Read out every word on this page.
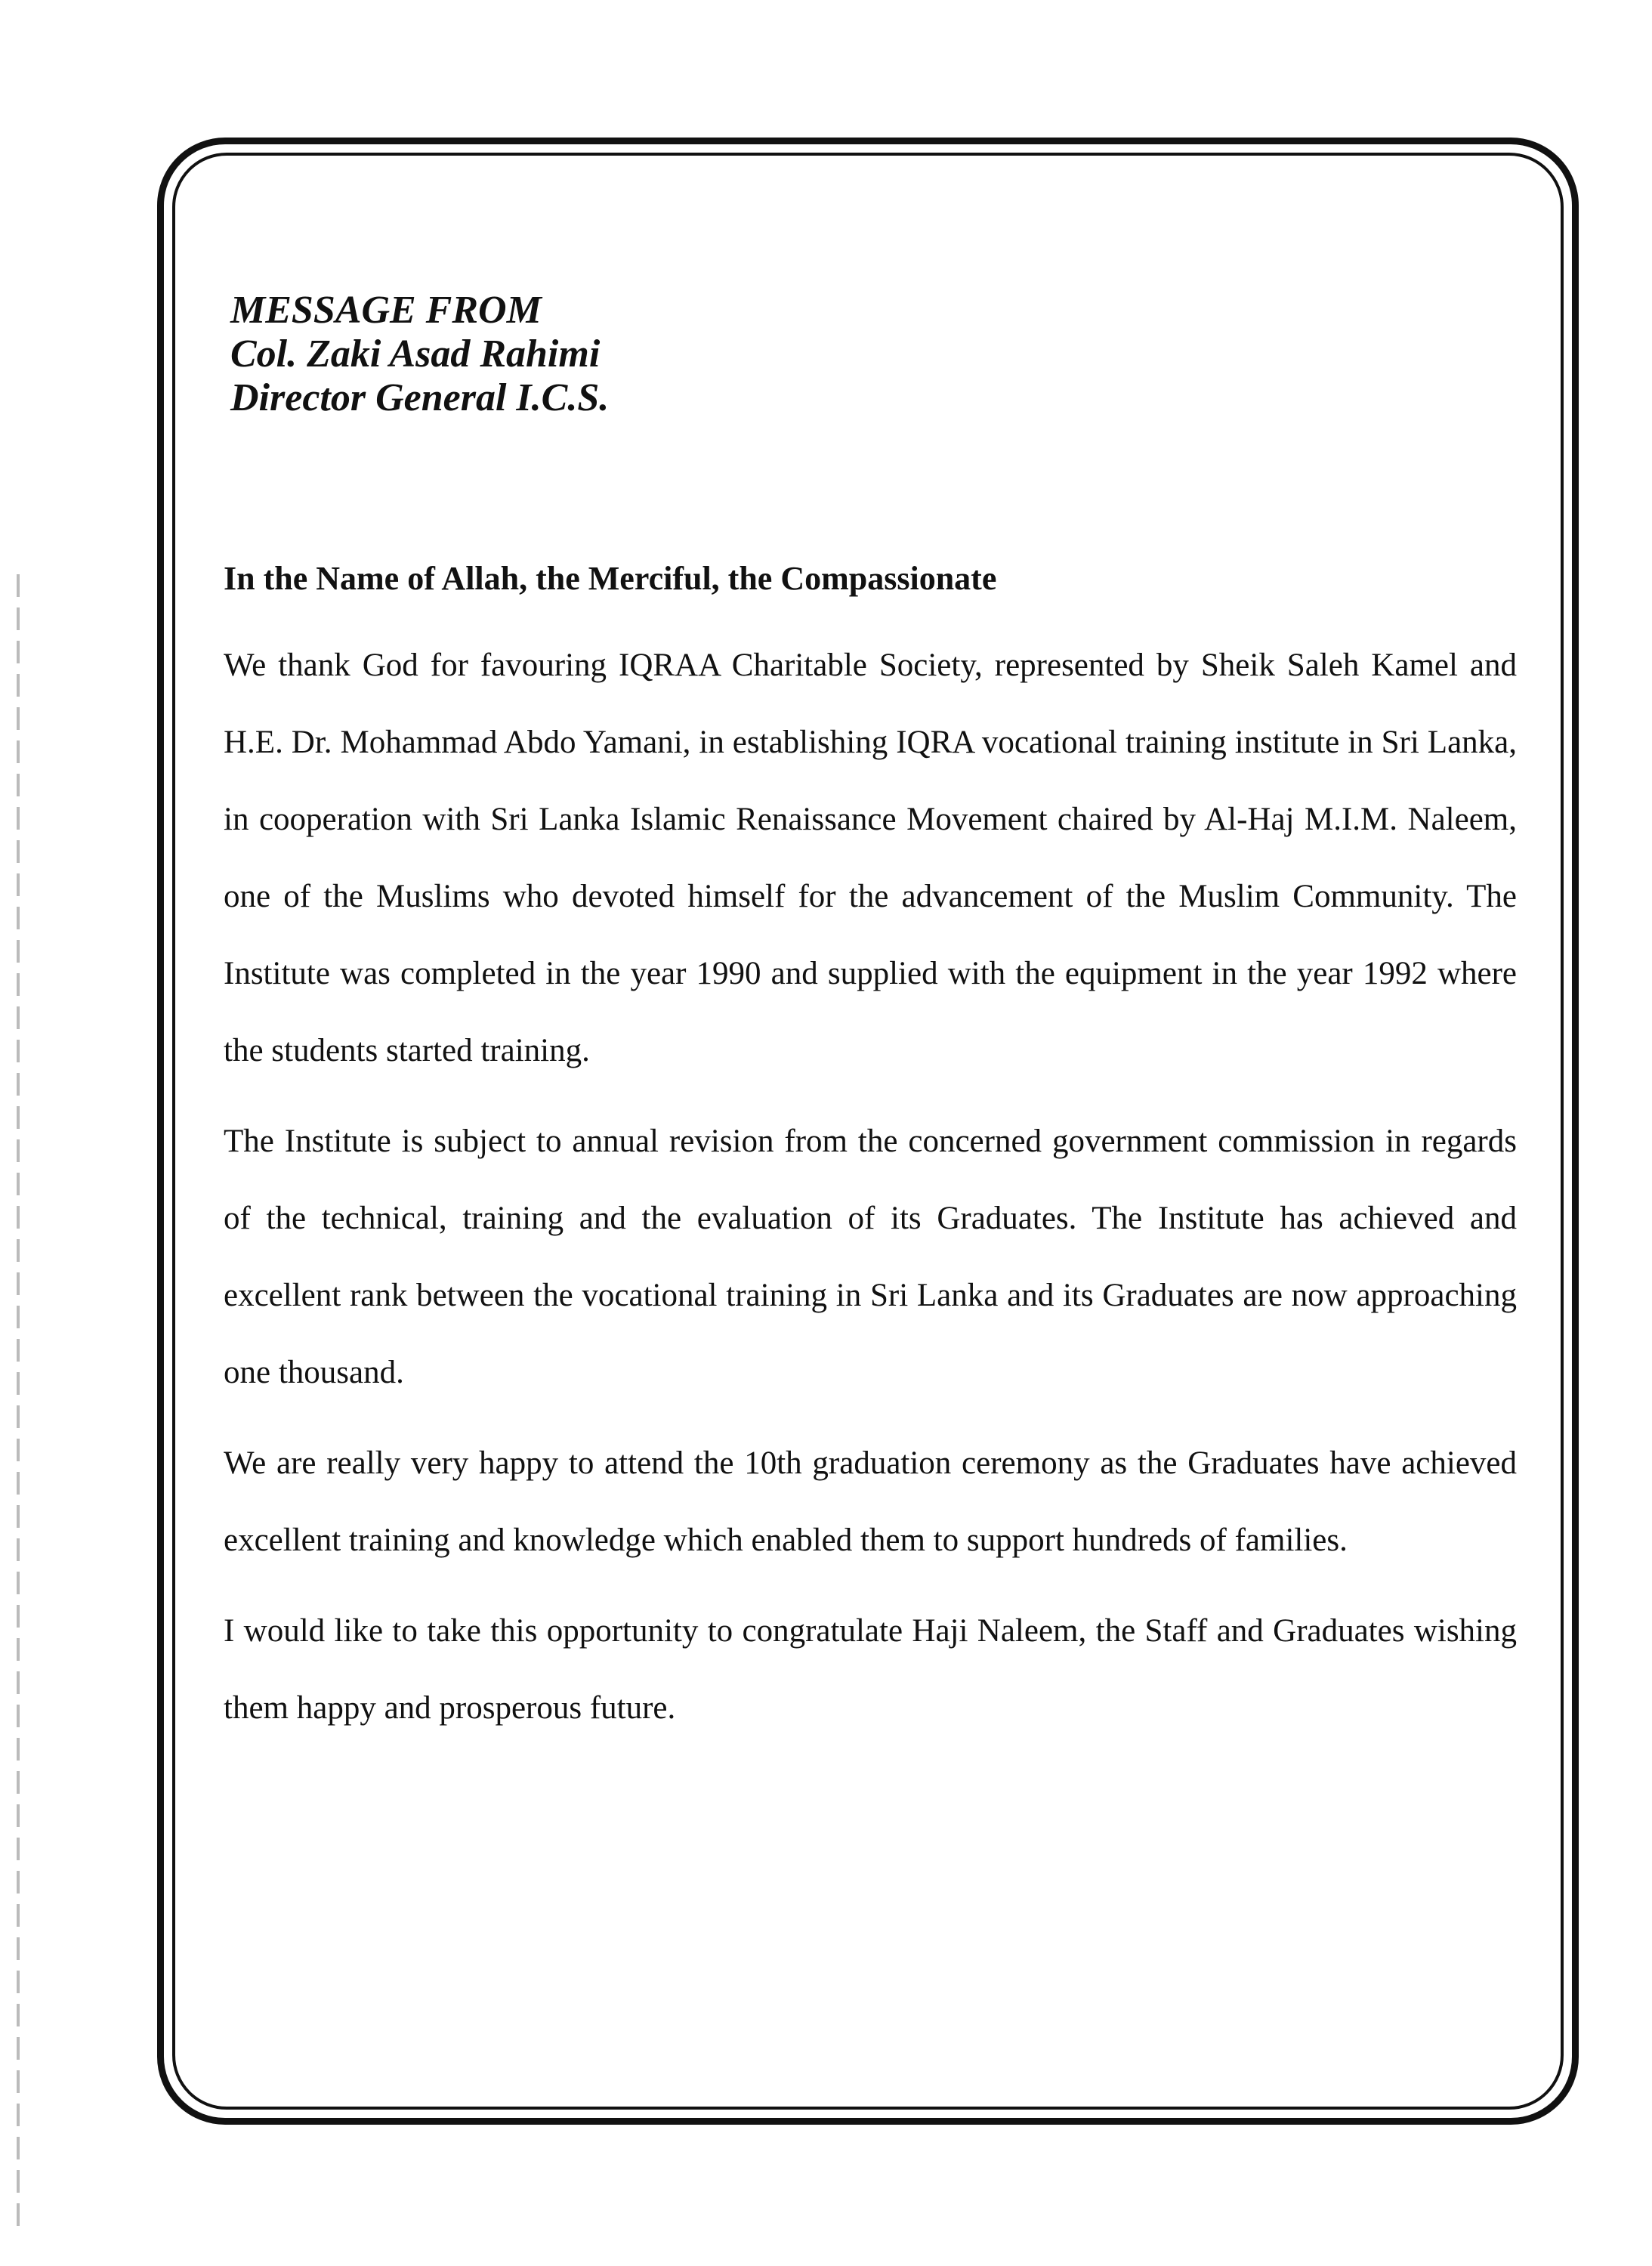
MESSAGE FROM
Col. Zaki Asad Rahimi
Director General I.C.S.

In the Name of Allah, the Merciful, the Compassionate

We thank God for favouring IQRAA Charitable Society, represented by Sheik Saleh Kamel and H.E. Dr. Mohammad Abdo Yamani, in establishing IQRA vocational training institute in Sri Lanka, in cooperation with Sri Lanka Islamic Renaissance Movement chaired by Al-Haj M.I.M. Naleem, one of the Muslims who devoted himself for the advancement of the Muslim Community. The Institute was completed in the year 1990 and supplied with the equipment in the year 1992 where the students started training.

The Institute is subject to annual revision from the concerned government commission in regards of the technical, training and the evaluation of its Graduates. The Institute has achieved and excellent rank between the vocational training in Sri Lanka and its Graduates are now approaching one thousand.

We are really very happy to attend the 10th graduation ceremony as the Graduates have achieved excellent training and knowledge which enabled them to support hundreds of families.

I would like to take this opportunity to congratulate Haji Naleem, the Staff and Graduates wishing them happy and prosperous future.
